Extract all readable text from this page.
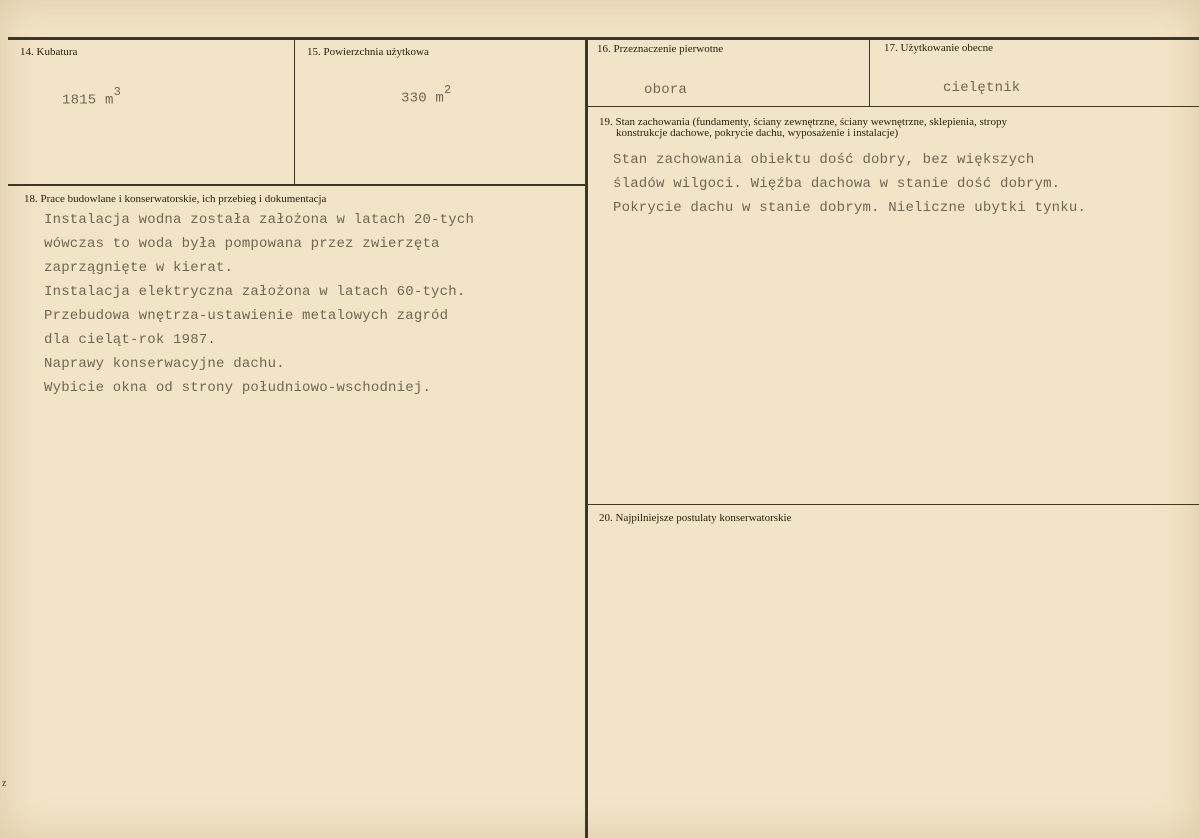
14. Kubatura
1815 $m^3$
15. Powierzchnia użytkowa
330 $m^2$
16. Przeznaczenie pierwotne
obora
17. Użytkowanie obecne
cielętnik
18. Prace budowlane i konserwatorskie, ich przebieg i dokumentacja
Instalacja wodna została założona w latach 20-tych
wówczas to woda była pompowana przez zwierzęta
zaprzągnięte w kierat.
Instalacja elektryczna założona w latach 60-tych.
Przebudowa wnętrza-ustawienie metalowych zagród
dla cieląt-rok 1987.
Naprawy konserwacyjne dachu.
Wybicie okna od strony południowo-wschodniej.
19. Stan zachowania (fundamenty, ściany zewnętrzne, ściany wewnętrzne, sklepienia, stropy
konstrukcje dachowe, pokrycie dachu, wyposażenie i instalacje)
Stan zachowania obiektu dość dobry, bez większych
śladów wilgoci. Więźba dachowa w stanie dość dobrym.
Pokrycie dachu w stanie dobrym. Nieliczne ubytki tynku.
20. Najpilniejsze postulaty konserwatorskie
z
